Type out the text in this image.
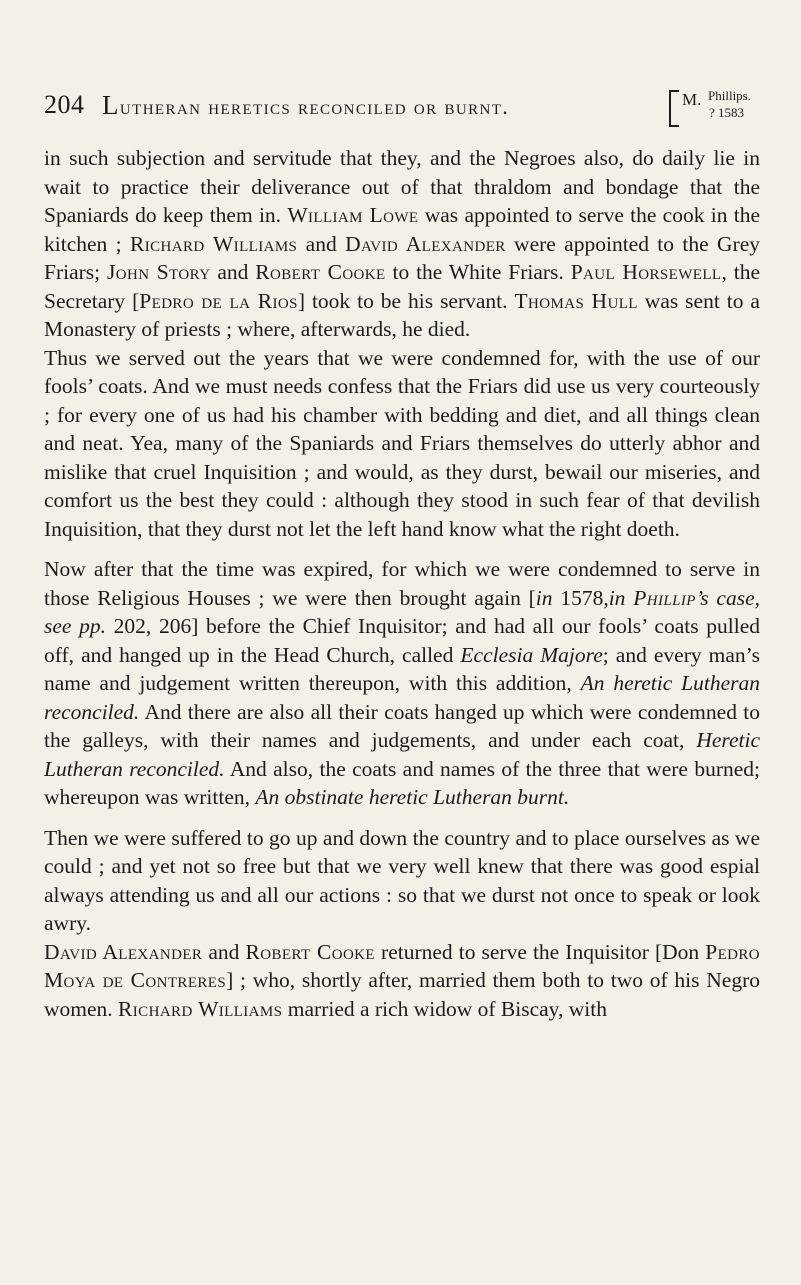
204 Lutheran heretics reconciled or burnt.	M. Phillips.
? 1583

in such subjection and servitude that they, and the Negroes also, do daily lie in wait to practice their deliverance out of that thraldom and bondage that the Spaniards do keep them in. William Lowe was appointed to serve the cook in the kitchen ; Richard Williams and David Alexander were appointed to the Grey Friars; John Story and Robert Cooke to the White Friars. Paul Horsewell, the Secretary [Pedro de la Rios] took to be his servant. Thomas Hull was sent to a Monastery of priests ; where, afterwards, he died.

Thus we served out the years that we were condemned for, with the use of our fools’ coats. And we must needs confess that the Friars did use us very courteously ; for every one of us had his chamber with bedding and diet, and all things clean and neat. Yea, many of the Spaniards and Friars themselves do utterly abhor and mislike that cruel Inquisition ; and would, as they durst, bewail our miseries, and comfort us the best they could : although they stood in such fear of that devilish Inquisition, that they durst not let the left hand know what the right doeth.

Now after that the time was expired, for which we were condemned to serve in those Religious Houses ; we were then brought again [in 1578,in Phillip’s case, see pp. 202, 206] before the Chief Inquisitor; and had all our fools’ coats pulled off, and hanged up in the Head Church, called Ecclesia Majore; and every man’s name and judgement written thereupon, with this addition, An heretic Lutheran reconciled. And there are also all their coats hanged up which were condemned to the galleys, with their names and judgements, and under each coat, Heretic Lutheran reconciled. And also, the coats and names of the three that were burned; whereupon was written, An obstinate heretic Lutheran burnt.

Then we were suffered to go up and down the country and to place ourselves as we could ; and yet not so free but that we very well knew that there was good espial always attending us and all our actions : so that we durst not once to speak or look awry.

David Alexander and Robert Cooke returned to serve the Inquisitor [Don Pedro Moya de Contreres] ; who, shortly after, married them both to two of his Negro women. Richard Williams married a rich widow of Biscay, with
